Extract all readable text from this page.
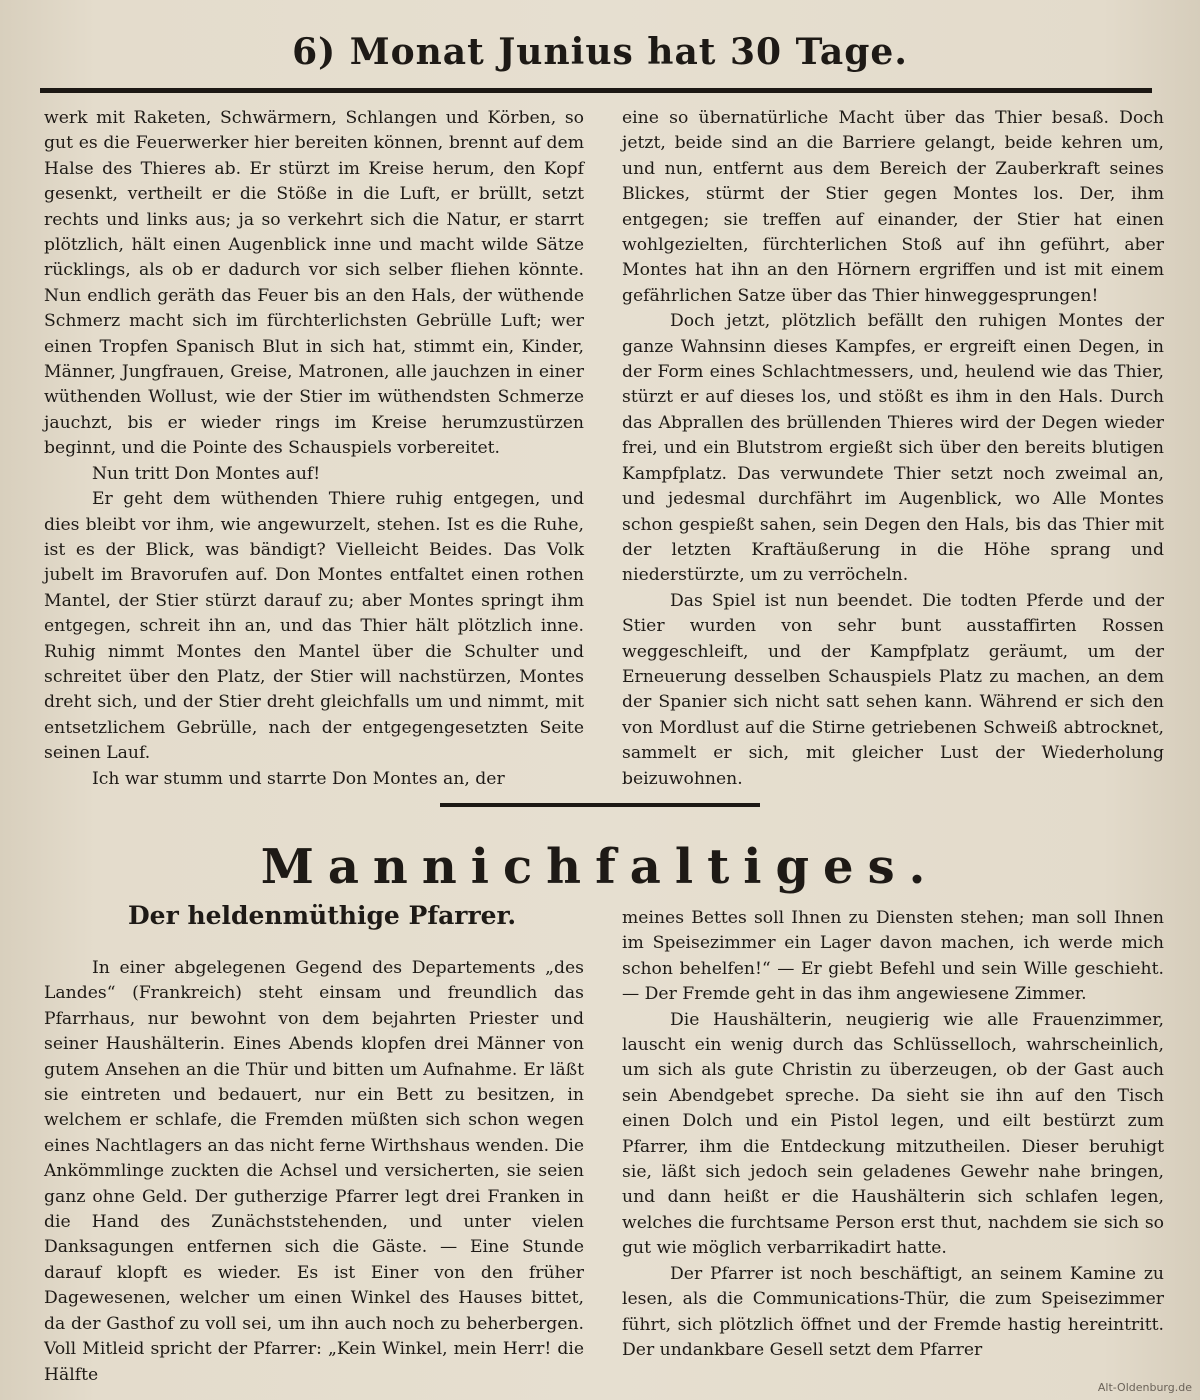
6) Monat Junius hat 30 Tage.

werk mit Raketen, Schwärmern, Schlangen und Körben, so gut es die Feuerwerker hier bereiten können, brennt auf dem Halse des Thieres ab. Er stürzt im Kreise herum, den Kopf gesenkt, vertheilt er die Stöße in die Luft, er brüllt, setzt rechts und links aus; ja so verkehrt sich die Natur, er starrt plötzlich, hält einen Augenblick inne und macht wilde Sätze rücklings, als ob er dadurch vor sich selber fliehen könnte. Nun endlich geräth das Feuer bis an den Hals, der wüthende Schmerz macht sich im fürchterlichsten Gebrülle Luft; wer einen Tropfen Spanisch Blut in sich hat, stimmt ein, Kinder, Männer, Jungfrauen, Greise, Matronen, alle jauchzen in einer wüthenden Wollust, wie der Stier im wüthendsten Schmerze jauchzt, bis er wieder rings im Kreise herumzustürzen beginnt, und die Pointe des Schauspiels vorbereitet.

Nun tritt Don Montes auf!

Er geht dem wüthenden Thiere ruhig entgegen, und dies bleibt vor ihm, wie angewurzelt, stehen. Ist es die Ruhe, ist es der Blick, was bändigt? Vielleicht Beides. Das Volk jubelt im Bravorufen auf. Don Montes entfaltet einen rothen Mantel, der Stier stürzt darauf zu; aber Montes springt ihm entgegen, schreit ihn an, und das Thier hält plötzlich inne. Ruhig nimmt Montes den Mantel über die Schulter und schreitet über den Platz, der Stier will nachstürzen, Montes dreht sich, und der Stier dreht gleichfalls um und nimmt, mit entsetzlichem Gebrülle, nach der entgegengesetzten Seite seinen Lauf.

Ich war stumm und starrte Don Montes an, der

eine so übernatürliche Macht über das Thier besaß. Doch jetzt, beide sind an die Barriere gelangt, beide kehren um, und nun, entfernt aus dem Bereich der Zauberkraft seines Blickes, stürmt der Stier gegen Montes los. Der, ihm entgegen; sie treffen auf einander, der Stier hat einen wohlgezielten, fürchterlichen Stoß auf ihn geführt, aber Montes hat ihn an den Hörnern ergriffen und ist mit einem gefährlichen Satze über das Thier hinweggesprungen!

Doch jetzt, plötzlich befällt den ruhigen Montes der ganze Wahnsinn dieses Kampfes, er ergreift einen Degen, in der Form eines Schlachtmessers, und, heulend wie das Thier, stürzt er auf dieses los, und stößt es ihm in den Hals. Durch das Abprallen des brüllenden Thieres wird der Degen wieder frei, und ein Blutstrom ergießt sich über den bereits blutigen Kampfplatz. Das verwundete Thier setzt noch zweimal an, und jedesmal durchfährt im Augenblick, wo Alle Montes schon gespießt sahen, sein Degen den Hals, bis das Thier mit der letzten Kraftäußerung in die Höhe sprang und niederstürzte, um zu verröcheln.

Das Spiel ist nun beendet. Die todten Pferde und der Stier wurden von sehr bunt ausstaffirten Rossen weggeschleift, und der Kampfplatz geräumt, um der Erneuerung desselben Schauspiels Platz zu machen, an dem der Spanier sich nicht satt sehen kann. Während er sich den von Mordlust auf die Stirne getriebenen Schweiß abtrocknet, sammelt er sich, mit gleicher Lust der Wiederholung beizuwohnen.

Mannichfaltiges.
Der heldenmüthige Pfarrer.

In einer abgelegenen Gegend des Departements „des Landes“ (Frankreich) steht einsam und freundlich das Pfarrhaus, nur bewohnt von dem bejahrten Priester und seiner Haushälterin. Eines Abends klopfen drei Männer von gutem Ansehen an die Thür und bitten um Aufnahme. Er läßt sie eintreten und bedauert, nur ein Bett zu besitzen, in welchem er schlafe, die Fremden müßten sich schon wegen eines Nachtlagers an das nicht ferne Wirthshaus wenden. Die Ankömmlinge zuckten die Achsel und versicherten, sie seien ganz ohne Geld. Der gutherzige Pfarrer legt drei Franken in die Hand des Zunächststehenden, und unter vielen Danksagungen entfernen sich die Gäste. — Eine Stunde darauf klopft es wieder. Es ist Einer von den früher Dagewesenen, welcher um einen Winkel des Hauses bittet, da der Gasthof zu voll sei, um ihn auch noch zu beherbergen. Voll Mitleid spricht der Pfarrer: „Kein Winkel, mein Herr! die Hälfte

meines Bettes soll Ihnen zu Diensten stehen; man soll Ihnen im Speisezimmer ein Lager davon machen, ich werde mich schon behelfen!“ — Er giebt Befehl und sein Wille geschieht. — Der Fremde geht in das ihm angewiesene Zimmer.

Die Haushälterin, neugierig wie alle Frauenzimmer, lauscht ein wenig durch das Schlüsselloch, wahrscheinlich, um sich als gute Christin zu überzeugen, ob der Gast auch sein Abendgebet spreche. Da sieht sie ihn auf den Tisch einen Dolch und ein Pistol legen, und eilt bestürzt zum Pfarrer, ihm die Entdeckung mitzutheilen. Dieser beruhigt sie, läßt sich jedoch sein geladenes Gewehr nahe bringen, und dann heißt er die Haushälterin sich schlafen legen, welches die furchtsame Person erst thut, nachdem sie sich so gut wie möglich verbarrikadirt hatte.

Der Pfarrer ist noch beschäftigt, an seinem Kamine zu lesen, als die Communications-Thür, die zum Speisezimmer führt, sich plötzlich öffnet und der Fremde hastig hereintritt. Der undankbare Gesell setzt dem Pfarrer

Alt-Oldenburg.de
